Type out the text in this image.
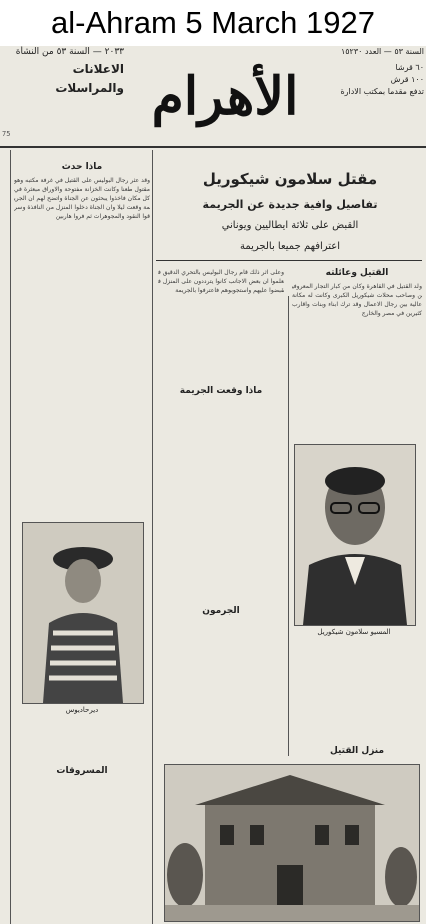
al-Ahram 5 March 1927
٢٠٣٣ — السنة ٥٣ من النشأة
الاعلانات
والمراسلات
75
الأهرام
السنة ٥٣ — العدد ١٥٢٣٠
٦٠ قرشا
١٠٠ قرش
تدفع مقدما بمكتب الادارة
مقتل سلامون شيكوريل
تفاصيل وافية جديدة عن الجريمة
القبض على ثلاثة ايطاليين ويوناني
اعترافهم جميعا بالجريمة
ماذا حدث
وقد عثر رجال البوليس على القتيل في غرفة مكتبه وهو مقتول طعنا وكانت الخزانة مفتوحة والاوراق مبعثرة في كل مكان فاخذوا يبحثون عن الجناة واتضح لهم ان الجريمة وقعت ليلا وان الجناة دخلوا المنزل من النافذة وسرقوا النقود والمجوهرات ثم فروا هاربين
ديرحاديوس
المسروقات
القتيل وعائلته
ولد القتيل في القاهرة وكان من كبار التجار المعروفين وصاحب محلات شيكوريل الكبرى وكانت له مكانة عالية بين رجال الاعمال وقد ترك ابناء وبنات واقارب كثيرين في مصر والخارج
المسيو سلامون شيكوريل
منزل القتيل
وعلى اثر ذلك قام رجال البوليس بالتحري الدقيق فعلموا ان بعض الاجانب كانوا يترددون على المنزل فقبضوا عليهم واستجوبوهم فاعترفوا بالجريمة
ماذا وقعت الجريمة
الجرمون
